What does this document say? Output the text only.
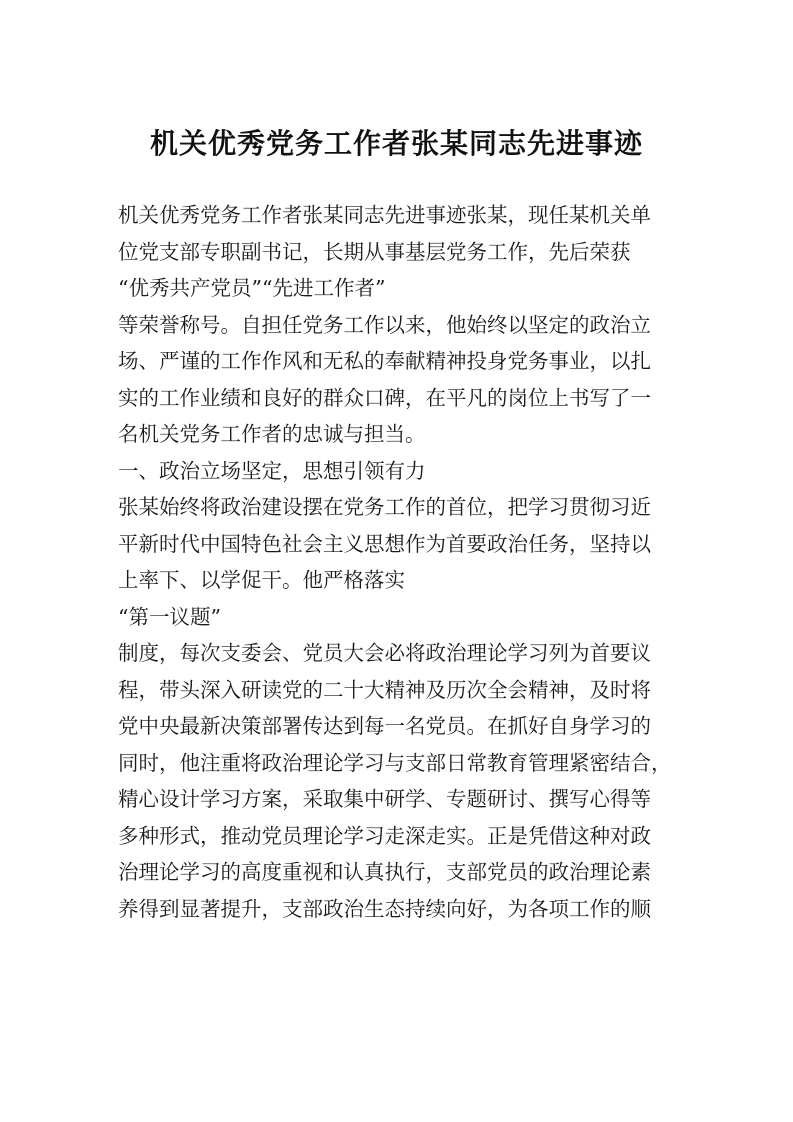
机关优秀党务工作者张某同志先进事迹
机关优秀党务工作者张某同志先进事迹张某，现任某机关单
位党支部专职副书记，长期从事基层党务工作，先后荣获
“优秀共产党员”“先进工作者”
等荣誉称号。自担任党务工作以来，他始终以坚定的政治立
场、严谨的工作作风和无私的奉献精神投身党务事业，以扎
实的工作业绩和良好的群众口碑，在平凡的岗位上书写了一
名机关党务工作者的忠诚与担当。
一、政治立场坚定，思想引领有力
张某始终将政治建设摆在党务工作的首位，把学习贯彻习近
平新时代中国特色社会主义思想作为首要政治任务，坚持以
上率下、以学促干。他严格落实
“第一议题”
制度，每次支委会、党员大会必将政治理论学习列为首要议
程，带头深入研读党的二十大精神及历次全会精神，及时将
党中央最新决策部署传达到每一名党员。在抓好自身学习的
同时，他注重将政治理论学习与支部日常教育管理紧密结合，
精心设计学习方案，采取集中研学、专题研讨、撰写心得等
多种形式，推动党员理论学习走深走实。正是凭借这种对政
治理论学习的高度重视和认真执行，支部党员的政治理论素
养得到显著提升，支部政治生态持续向好，为各项工作的顺
